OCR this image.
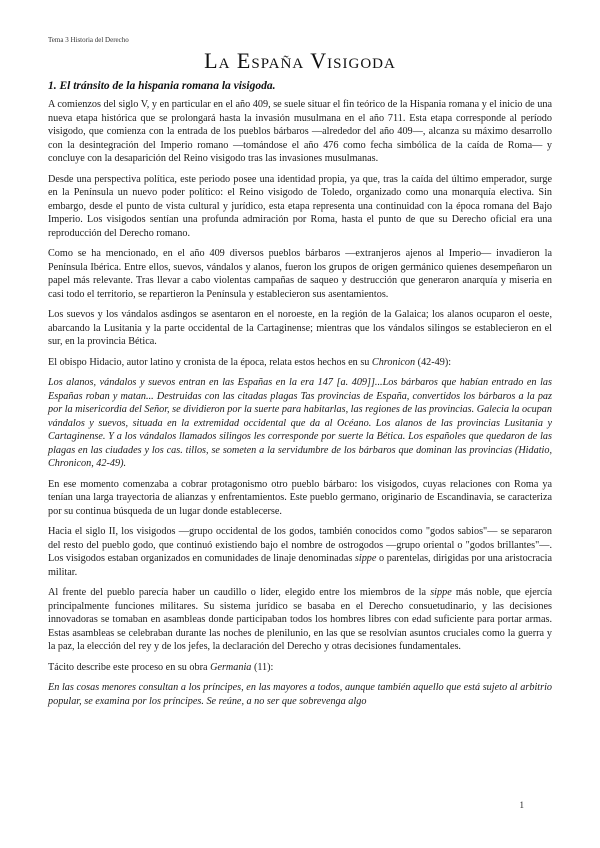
Tema 3 Historia del Derecho
La España Visigoda
1. El tránsito de la hispania romana la visigoda.

A comienzos del siglo V, y en particular en el año 409, se suele situar el fin teórico de la Hispania romana y el inicio de una nueva etapa histórica que se prolongará hasta la invasión musulmana en el año 711. Esta etapa corresponde al período visigodo, que comienza con la entrada de los pueblos bárbaros —alrededor del año 409—, alcanza su máximo desarrollo con la desintegración del Imperio romano —tomándose el año 476 como fecha simbólica de la caída de Roma— y concluye con la desaparición del Reino visigodo tras las invasiones musulmanas.

Desde una perspectiva política, este periodo posee una identidad propia, ya que, tras la caída del último emperador, surge en la Península un nuevo poder político: el Reino visigodo de Toledo, organizado como una monarquía electiva. Sin embargo, desde el punto de vista cultural y jurídico, esta etapa representa una continuidad con la época romana del Bajo Imperio. Los visigodos sentían una profunda admiración por Roma, hasta el punto de que su Derecho oficial era una reproducción del Derecho romano.

Como se ha mencionado, en el año 409 diversos pueblos bárbaros —extranjeros ajenos al Imperio— invadieron la Península Ibérica. Entre ellos, suevos, vándalos y alanos, fueron los grupos de origen germánico quienes desempeñaron un papel más relevante. Tras llevar a cabo violentas campañas de saqueo y destrucción que generaron anarquía y miseria en casi todo el territorio, se repartieron la Península y establecieron sus asentamientos.

Los suevos y los vándalos asdingos se asentaron en el noroeste, en la región de la Galaica; los alanos ocuparon el oeste, abarcando la Lusitania y la parte occidental de la Cartaginense; mientras que los vándalos silingos se establecieron en el sur, en la provincia Bética.

El obispo Hidacio, autor latino y cronista de la época, relata estos hechos en su Chronicon (42-49):

Los alanos, vándalos y suevos entran en las Españas en la era 147 [a. 409]]...Los bárbaros que habían entrado en las Españas roban y matan... Destruidas con las citadas plagas Tas provincias de España, convertidos los bárbaros a la paz por la misericordia del Señor, se dividieron por la suerte para habitarlas, las regiones de las provincias. Galecia la ocupan vándalos y suevos, situada en la extremidad occidental que da al Océano. Los alanos de las provincias Lusitania y Cartaginense. Y a los vándalos llamados silingos les corresponde por suerte la Bética. Los españoles que quedaron de las plagas en las ciudades y los cas. tillos, se someten a la servidumbre de los bárbaros que dominan las provincias (Hidatio, Chronicon, 42-49).

En ese momento comenzaba a cobrar protagonismo otro pueblo bárbaro: los visigodos, cuyas relaciones con Roma ya tenían una larga trayectoria de alianzas y enfrentamientos. Este pueblo germano, originario de Escandinavia, se caracteriza por su continua búsqueda de un lugar donde establecerse.

Hacia el siglo II, los visigodos —grupo occidental de los godos, también conocidos como "godos sabios"— se separaron del resto del pueblo godo, que continuó existiendo bajo el nombre de ostrogodos —grupo oriental o "godos brillantes"—. Los visigodos estaban organizados en comunidades de linaje denominadas sippe o parentelas, dirigidas por una aristocracia militar.

Al frente del pueblo parecía haber un caudillo o líder, elegido entre los miembros de la sippe más noble, que ejercía principalmente funciones militares. Su sistema jurídico se basaba en el Derecho consuetudinario, y las decisiones innovadoras se tomaban en asambleas donde participaban todos los hombres libres con edad suficiente para portar armas. Estas asambleas se celebraban durante las noches de plenilunio, en las que se resolvían asuntos cruciales como la guerra y la paz, la elección del rey y de los jefes, la declaración del Derecho y otras decisiones fundamentales.

Tácito describe este proceso en su obra Germania (11):

En las cosas menores consultan a los príncipes, en las mayores a todos, aunque también aquello que está sujeto al arbitrio popular, se examina por los príncipes. Se reúne, a no ser que sobrevenga algo

1
